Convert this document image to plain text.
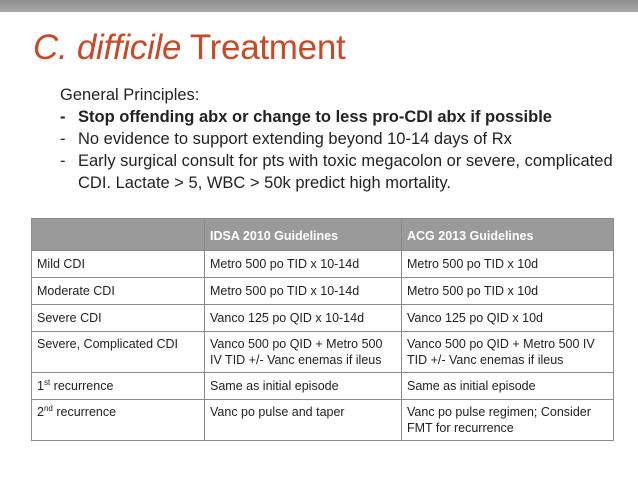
C. difficile Treatment
General Principles:
- Stop offending abx or change to less pro-CDI abx if possible
- No evidence to support extending beyond 10-14 days of Rx
- Early surgical consult for pts with toxic megacolon or severe, complicated CDI. Lactate > 5, WBC > 50k predict high mortality.
	IDSA 2010 Guidelines	ACG 2013 Guidelines
Mild CDI	Metro 500 po TID x 10-14d	Metro 500 po TID x 10d
Moderate CDI	Metro 500 po TID x 10-14d	Metro 500 po TID x 10d
Severe CDI	Vanco 125 po QID x 10-14d	Vanco 125 po QID x 10d
Severe, Complicated CDI	Vanco 500 po QID + Metro 500 IV TID +/- Vanc enemas if ileus	Vanco 500 po QID + Metro 500 IV TID +/- Vanc enemas if ileus
1st recurrence	Same as initial episode	Same as initial episode
2nd recurrence	Vanc po pulse and taper	Vanc po pulse regimen; Consider FMT for recurrence
